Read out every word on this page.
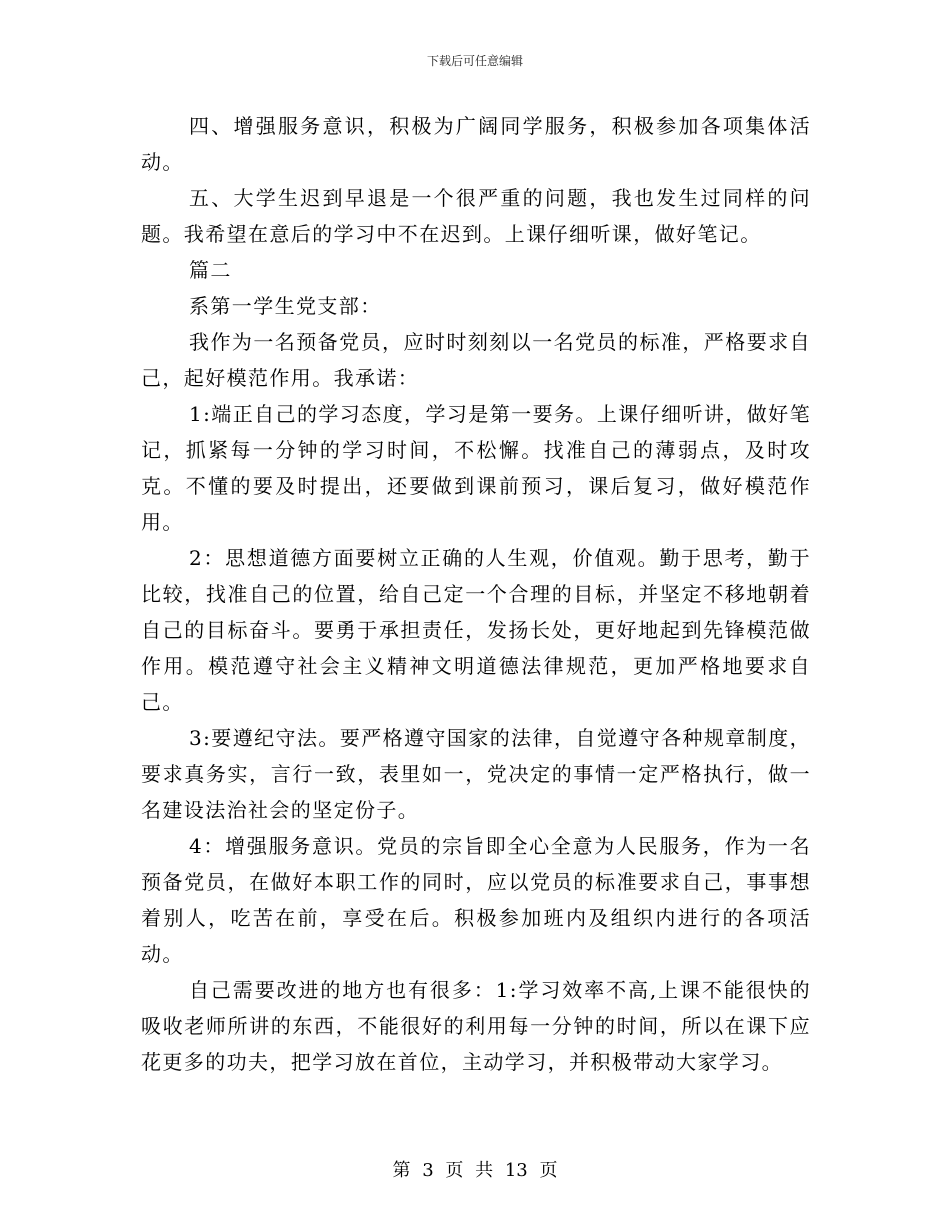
下载后可任意编辑

四、增强服务意识，积极为广阔同学服务，积极参加各项集体活动。

五、大学生迟到早退是一个很严重的问题，我也发生过同样的问题。我希望在意后的学习中不在迟到。上课仔细听课，做好笔记。

篇二

系第一学生党支部：

我作为一名预备党员，应时时刻刻以一名党员的标准，严格要求自己，起好模范作用。我承诺：

1:端正自己的学习态度，学习是第一要务。上课仔细听讲，做好笔记，抓紧每一分钟的学习时间，不松懈。找准自己的薄弱点，及时攻克。不懂的要及时提出，还要做到课前预习，课后复习，做好模范作用。

2：思想道德方面要树立正确的人生观，价值观。勤于思考，勤于比较，找准自己的位置，给自己定一个合理的目标，并坚定不移地朝着自己的目标奋斗。要勇于承担责任，发扬长处，更好地起到先锋模范做作用。模范遵守社会主义精神文明道德法律规范，更加严格地要求自己。

3:要遵纪守法。要严格遵守国家的法律，自觉遵守各种规章制度，要求真务实，言行一致，表里如一，党决定的事情一定严格执行，做一名建设法治社会的坚定份子。

4：增强服务意识。党员的宗旨即全心全意为人民服务，作为一名预备党员，在做好本职工作的同时，应以党员的标准要求自己，事事想着别人，吃苦在前，享受在后。积极参加班内及组织内进行的各项活动。

自己需要改进的地方也有很多：1:学习效率不高,上课不能很快的吸收老师所讲的东西，不能很好的利用每一分钟的时间，所以在课下应花更多的功夫，把学习放在首位，主动学习，并积极带动大家学习。

第 3 页 共 13 页
